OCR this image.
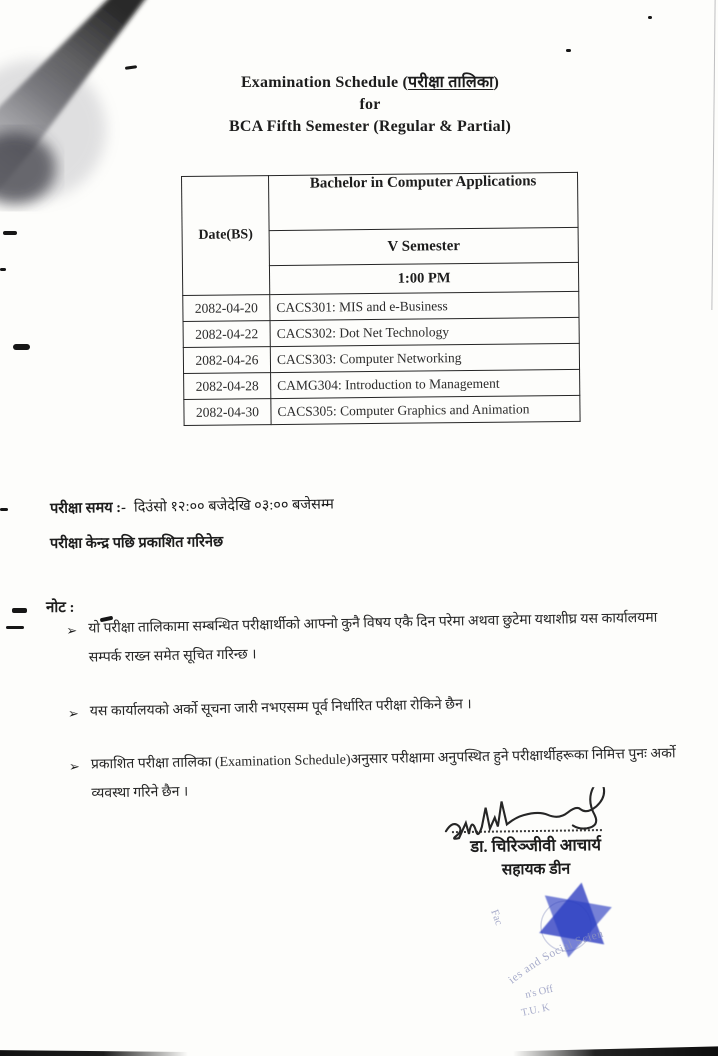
Examination Schedule (परीक्षा तालिका)
for
BCA Fifth Semester (Regular & Partial)
Date(BS)	Bachelor in Computer Applications
	V Semester
	1:00 PM
2082-04-20	CACS301: MIS and e-Business
2082-04-22	CACS302: Dot Net Technology
2082-04-26	CACS303: Computer Networking
2082-04-28	CAMG304: Introduction to Management
2082-04-30	CACS305: Computer Graphics and Animation
परीक्षा समय :- दिउंसो १२:०० बजेदेखि ०३:०० बजेसम्म
परीक्षा केन्द्र पछि प्रकाशित गरिनेछ
नोट :
➢ यो परीक्षा तालिकामा सम्बन्धित परीक्षार्थीको आफ्नो कुनै विषय एकै दिन परेमा अथवा छुटेमा यथाशीघ्र यस कार्यालयमा सम्पर्क राख्न समेत सूचित गरिन्छ ।
➢ यस कार्यालयको अर्को सूचना जारी नभएसम्म पूर्व निर्धारित परीक्षा रोकिने छैन ।
➢ प्रकाशित परीक्षा तालिका (Examination Schedule)अनुसार परीक्षामा अनुपस्थित हुने परीक्षार्थीहरूका निमित्त पुनः अर्को व्यवस्था गरिने छैन ।
डा. चिरिञ्जीवी आचार्य
सहायक डीन
Fac
ies and Social Scien
n's Off
T.U. K
